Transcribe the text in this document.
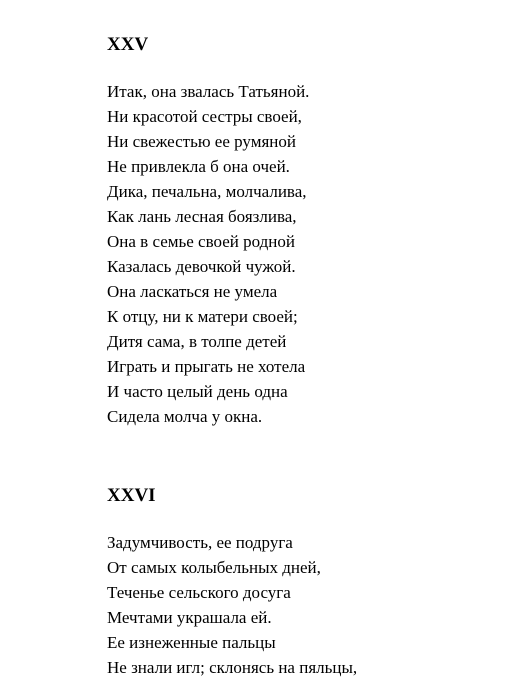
XXV

Итак, она звалась Татьяной.

Ни красотой сестры своей,

Ни свежестью ее румяной

Не привлекла б она очей.

Дика, печальна, молчалива,

Как лань лесная боязлива,

Она в семье своей родной

Казалась девочкой чужой.

Она ласкаться не умела

К отцу, ни к матери своей;

Дитя сама, в толпе детей

Играть и прыгать не хотела

И часто целый день одна

Сидела молча у окна.

XXVI

Задумчивость, ее подруга

От самых колыбельных дней,

Теченье сельского досуга

Мечтами украшала ей.

Ее изнеженные пальцы

Не знали игл; склонясь на пяльцы,
